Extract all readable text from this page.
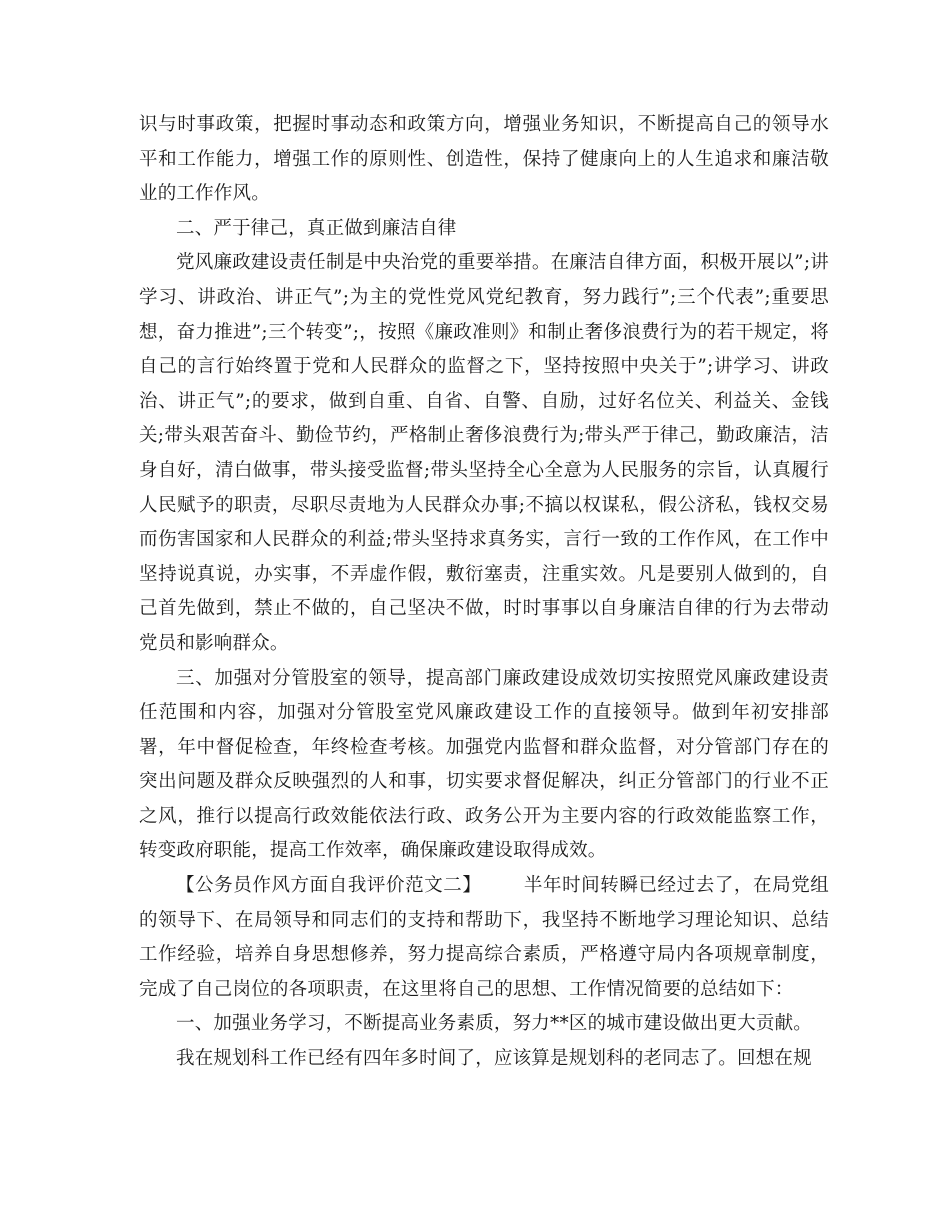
识与时事政策，把握时事动态和政策方向，增强业务知识，不断提高自己的领导水平和工作能力，增强工作的原则性、创造性，保持了健康向上的人生追求和廉洁敬业的工作作风。

二、严于律己，真正做到廉洁自律

党风廉政建设责任制是中央治党的重要举措。在廉洁自律方面，积极开展以”;讲学习、讲政治、讲正气”;为主的党性党风党纪教育，努力践行”;三个代表”;重要思想，奋力推进”;三个转变”;，按照《廉政准则》和制止奢侈浪费行为的若干规定，将自己的言行始终置于党和人民群众的监督之下，坚持按照中央关于”;讲学习、讲政治、讲正气”;的要求，做到自重、自省、自警、自励，过好名位关、利益关、金钱关;带头艰苦奋斗、勤俭节约，严格制止奢侈浪费行为;带头严于律己，勤政廉洁，洁身自好，清白做事，带头接受监督;带头坚持全心全意为人民服务的宗旨，认真履行人民赋予的职责，尽职尽责地为人民群众办事;不搞以权谋私，假公济私，钱权交易而伤害国家和人民群众的利益;带头坚持求真务实，言行一致的工作作风，在工作中坚持说真说，办实事，不弄虚作假，敷衍塞责，注重实效。凡是要别人做到的，自己首先做到，禁止不做的，自己坚决不做，时时事事以自身廉洁自律的行为去带动党员和影响群众。

三、加强对分管股室的领导，提高部门廉政建设成效切实按照党风廉政建设责任范围和内容，加强对分管股室党风廉政建设工作的直接领导。做到年初安排部署，年中督促检查，年终检查考核。加强党内监督和群众监督，对分管部门存在的突出问题及群众反映强烈的人和事，切实要求督促解决，纠正分管部门的行业不正之风，推行以提高行政效能依法行政、政务公开为主要内容的行政效能监察工作，转变政府职能，提高工作效率，确保廉政建设取得成效。

【公务员作风方面自我评价范文二】 半年时间转瞬已经过去了，在局党组的领导下、在局领导和同志们的支持和帮助下，我坚持不断地学习理论知识、总结工作经验，培养自身思想修养，努力提高综合素质，严格遵守局内各项规章制度，完成了自己岗位的各项职责，在这里将自己的思想、工作情况简要的总结如下：

一、加强业务学习，不断提高业务素质，努力**区的城市建设做出更大贡献。

我在规划科工作已经有四年多时间了，应该算是规划科的老同志了。回想在规
